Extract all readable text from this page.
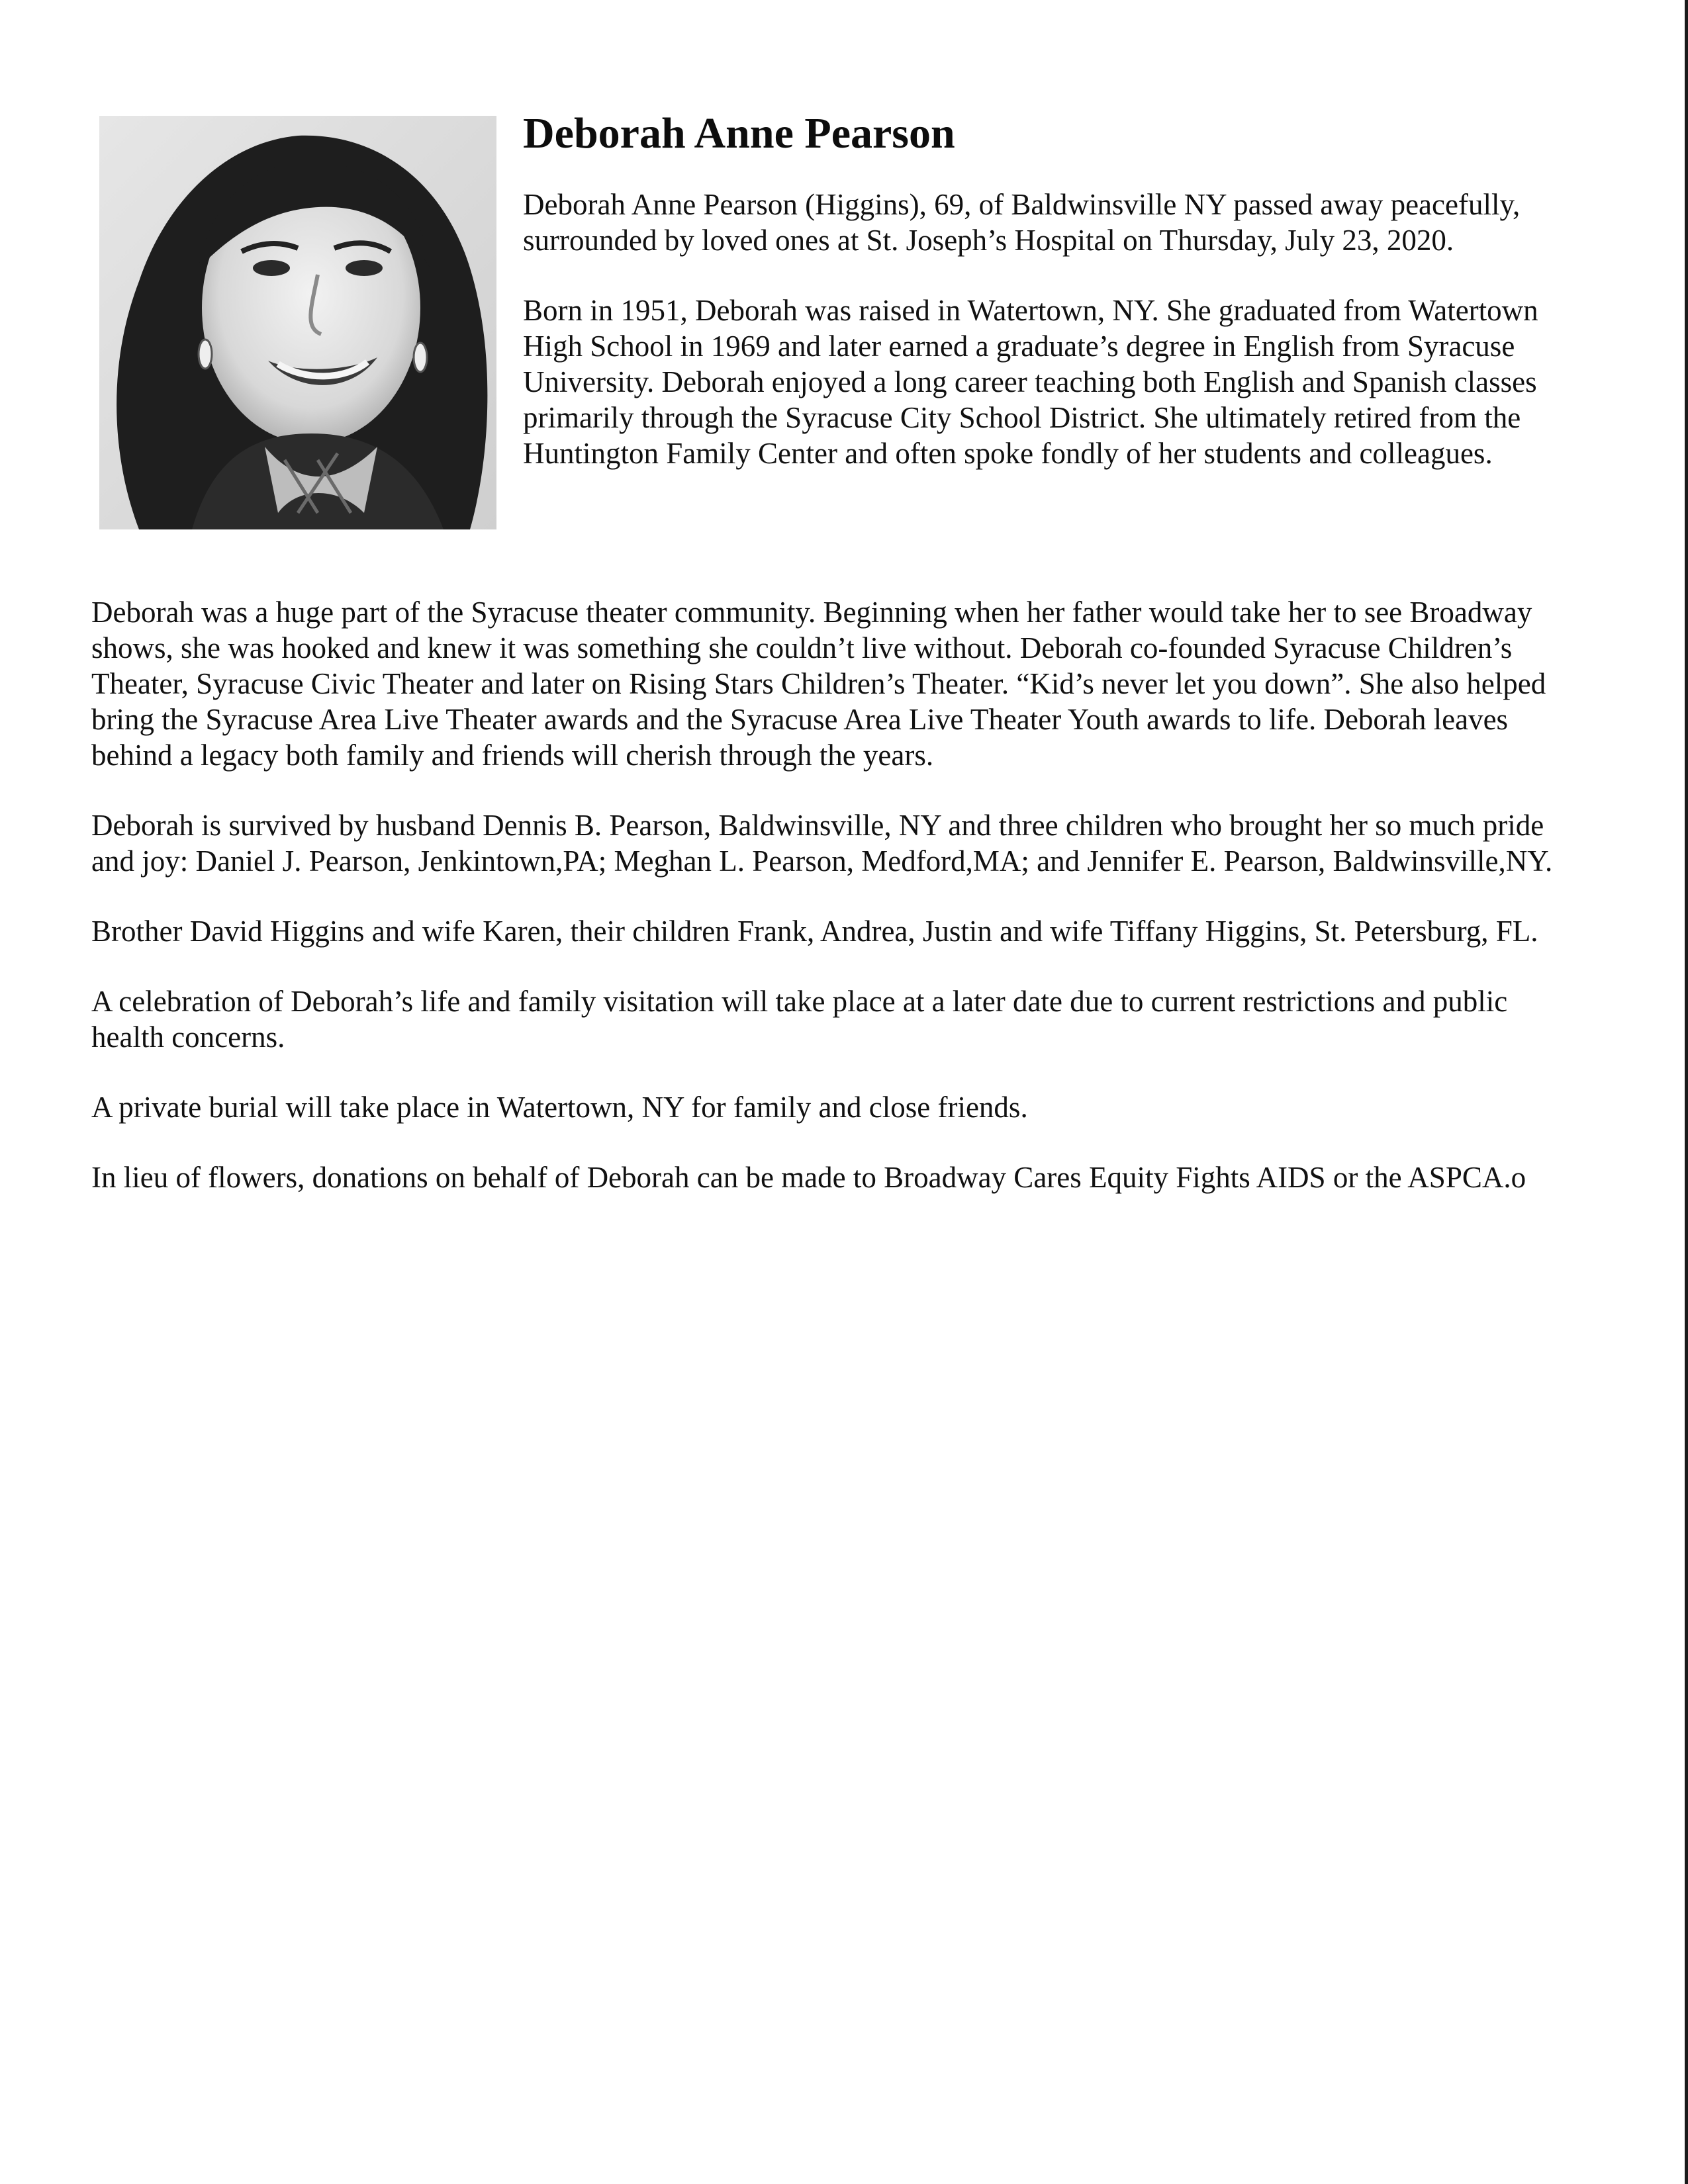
Deborah Anne Pearson

Deborah Anne Pearson (Higgins), 69, of Baldwinsville NY passed away peacefully, surrounded by loved ones at St. Joseph’s Hospital on Thursday, July 23, 2020.

Born in 1951, Deborah was raised in Watertown, NY. She graduated from Watertown High School in 1969 and later earned a graduate’s degree in English from Syracuse University. Deborah enjoyed a long career teaching both English and Spanish classes primarily through the Syracuse City School District. She ultimately retired from the Huntington Family Center and often spoke fondly of her students and colleagues.

Deborah was a huge part of the Syracuse theater community. Beginning when her father would take her to see Broadway shows, she was hooked and knew it was something she couldn’t live without. Deborah co-founded Syracuse Children’s Theater, Syracuse Civic Theater and later on Rising Stars Children’s Theater. “Kid’s never let you down”. She also helped bring the Syracuse Area Live Theater awards and the Syracuse Area Live Theater Youth awards to life. Deborah leaves behind a legacy both family and friends will cherish through the years.

Deborah is survived by husband Dennis B. Pearson, Baldwinsville, NY and three children who brought her so much pride and joy: Daniel J. Pearson, Jenkintown,PA; Meghan L. Pearson, Medford,MA; and Jennifer E. Pearson, Baldwinsville,NY.

Brother David Higgins and wife Karen, their children Frank, Andrea, Justin and wife Tiffany Higgins, St. Petersburg, FL.

A celebration of Deborah’s life and family visitation will take place at a later date due to current restrictions and public health concerns.

A private burial will take place in Watertown, NY for family and close friends.

In lieu of flowers, donations on behalf of Deborah can be made to Broadway Cares Equity Fights AIDS or the ASPCA.o
